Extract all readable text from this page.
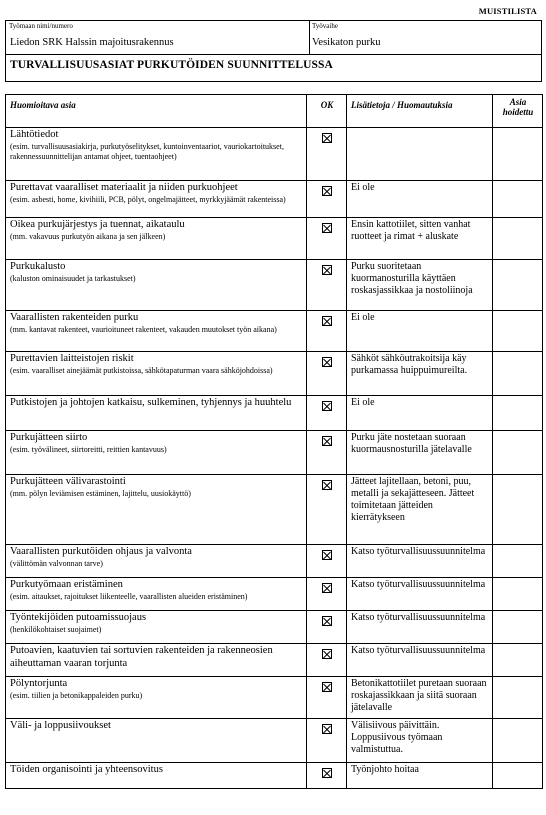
MUISTILISTA
Työmaan nimi/numero
Liedon SRK Halssin majoitusrakennus
Työvaihe
Vesikaton purku
TURVALLISUUSASIAT PURKUTÖIDEN SUUNNITTELUSSA
Huomioitava asia	OK	Lisätietoja / Huomautuksia	Asia hoidettu

Lähtötiedot
(esim. turvallisuusasiakirja, purkutyöselitykset, kuntoinventaariot, vauriokartoitukset, rakennessuunnittelijan antamat ohjeet, tuentaohjeet)			

Purettavat vaaralliset materiaalit ja niiden purkuohjeet
(esim. asbesti, home, kivihiili, PCB, pölyt, ongelmajätteet, myrkkyjäämät rakenteissa)		Ei ole	

Oikea purkujärjestys ja tuennat, aikataulu
(mm. vakavuus purkutyön aikana ja sen jälkeen)		Ensin kattotiilet, sitten vanhat ruotteet ja rimat + aluskate	

Purkukalusto
(kaluston ominaisuudet ja tarkastukset)		Purku suoritetaan kuormanosturilla käyttäen roskasjassikkaa ja nostoliinoja	

Vaarallisten rakenteiden purku
(mm. kantavat rakenteet, vaurioituneet rakenteet, vakauden muutokset työn aikana)		Ei ole	

Purettavien laitteistojen riskit
(esim. vaaralliset ainejäämät putkistoissa, sähkötapaturman vaara sähköjohdoissa)		Sähköt sähköutrakoitsija käy purkamassa huippuimureilta.	

Putkistojen ja johtojen katkaisu, sulkeminen, tyhjennys ja huuhtelu		Ei ole	

Purkujätteen siirto
(esim. työvälineet, siirtoreitti, reittien kantavuus)		Purku jäte nostetaan suoraan kuormausnosturilla jätelavalle	

Purkujätteen välivarastointi
(mm. pölyn leviämisen estäminen, lajittelu, uusiokäyttö)		Jätteet lajitellaan, betoni, puu, metalli ja sekajätteseen. Jätteet toimitetaan jätteiden kierrätykseen	

Vaarallisten purkutöiden ohjaus ja valvonta
(välittömän valvonnan tarve)		Katso työturvallisuussuunnitelma	

Purkutyömaan eristäminen
(esim. aitaukset, rajoitukset liikenteelle, vaarallisten alueiden eristäminen)		Katso työturvallisuussuunnitelma	

Työntekijöiden putoamissuojaus
(henkilökohtaiset suojaimet)		Katso työturvallisuussuunnitelma	

Putoavien, kaatuvien tai sortuvien rakenteiden ja rakenneosien aiheuttaman vaaran torjunta		Katso työturvallisuussuunnitelma	

Pölyntorjunta
(esim. tiilien ja betonikappaleiden purku)		Betonikattotiilet puretaan suoraan roskajassikkaan ja siitä suoraan jätelavalle	

Väli- ja loppusiivoukset		Välisiivous päivittäin. Loppusiivous työmaan valmistuttua.	

Töiden organisointi ja yhteensovitus		Työnjohto hoitaa	
